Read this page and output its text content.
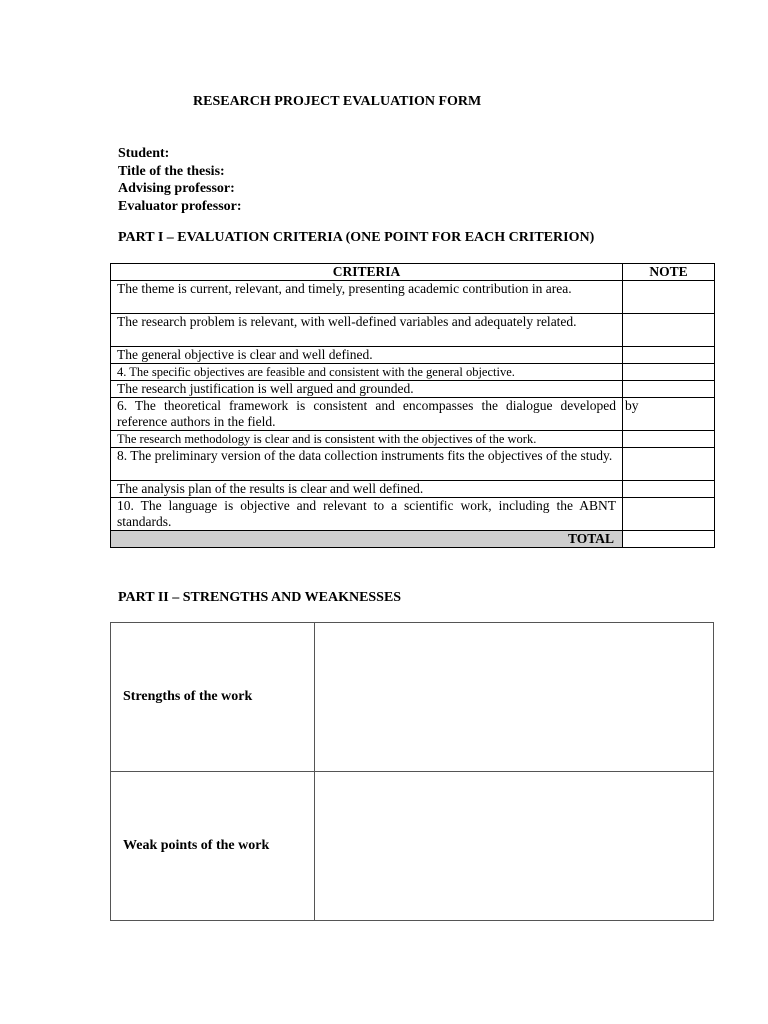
RESEARCH PROJECT EVALUATION FORM
Student:
Title of the thesis:
Advising professor:
Evaluator professor:
PART I – EVALUATION CRITERIA (ONE POINT FOR EACH CRITERION)
CRITERIA	NOTE
The theme is current, relevant, and timely, presenting academic contribution in area.	
The research problem is relevant, with well-defined variables and adequately related.	
The general objective is clear and well defined.	
4. The specific objectives are feasible and consistent with the general objective.	
The research justification is well argued and grounded.	
6. The theoretical framework is consistent and encompasses the dialogue developed reference authors in the field.	by
The research methodology is clear and is consistent with the objectives of the work.	
8. The preliminary version of the data collection instruments fits the objectives of the study.	
The analysis plan of the results is clear and well defined.	
10. The language is objective and relevant to a scientific work, including the ABNT standards.	
TOTAL	
PART II – STRENGTHS AND WEAKNESSES
Strengths of the work	
Weak points of the work	
